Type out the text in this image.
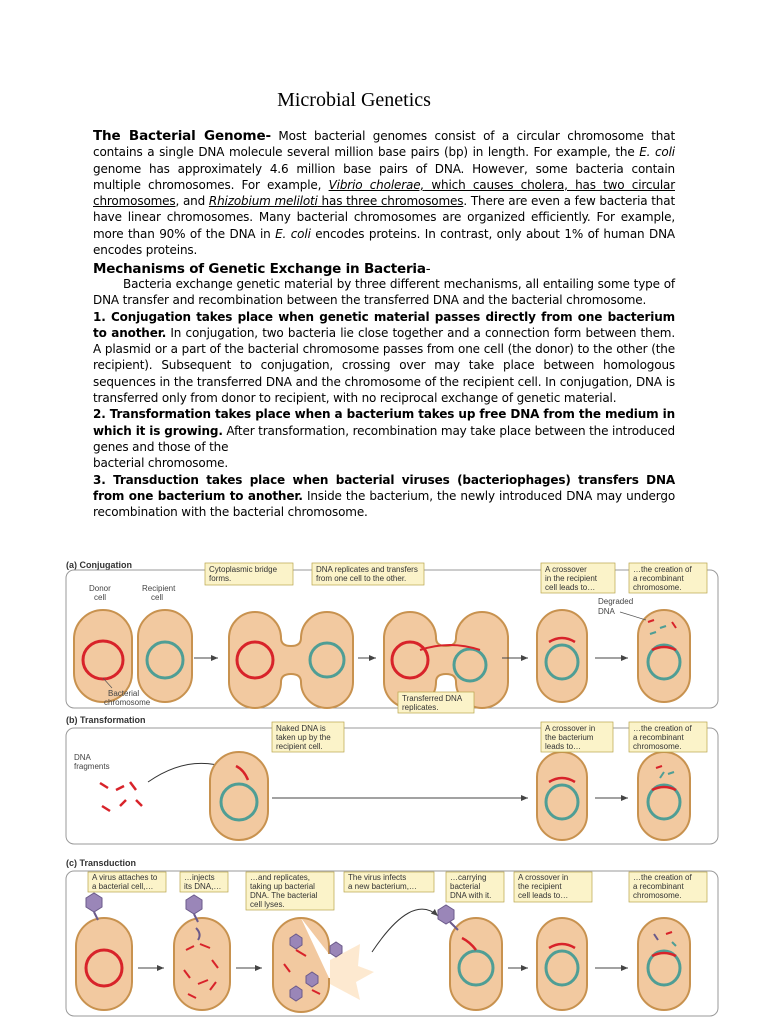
Microbial Genetics

The Bacterial Genome- Most bacterial genomes consist of a circular chromosome that contains a single DNA molecule several million base pairs (bp) in length. For example, the E. coli genome has approximately 4.6 million base pairs of DNA. However, some bacteria contain multiple chromosomes. For example, Vibrio cholerae, which causes cholera, has two circular chromosomes, and Rhizobium meliloti has three chromosomes. There are even a few bacteria that have linear chromosomes. Many bacterial chromosomes are organized efficiently. For example, more than 90% of the DNA in E. coli encodes proteins. In contrast, only about 1% of human DNA encodes proteins.

Mechanisms of Genetic Exchange in Bacteria-

Bacteria exchange genetic material by three different mechanisms, all entailing some type of DNA transfer and recombination between the transferred DNA and the bacterial chromosome.

1. Conjugation takes place when genetic material passes directly from one bacterium to another. In conjugation, two bacteria lie close together and a connection form between them. A plasmid or a part of the bacterial chromosome passes from one cell (the donor) to the other (the recipient). Subsequent to conjugation, crossing over may take place between homologous sequences in the transferred DNA and the chromosome of the recipient cell. In conjugation, DNA is transferred only from donor to recipient, with no reciprocal exchange of genetic material.

2. Transformation takes place when a bacterium takes up free DNA from the medium in which it is growing. After transformation, recombination may take place between the introduced genes and those of the

bacterial chromosome.

3. Transduction takes place when bacterial viruses (bacteriophages) transfers DNA from one bacterium to another. Inside the bacterium, the newly introduced DNA may undergo recombination with the bacterial chromosome.

(a) Conjugation
Donor
cell
Recipient
cell
Bacterial
chromosome
Cytoplasmic bridge
forms.
DNA replicates and transfers
from one cell to the other.
Transferred DNA
replicates.
A crossover
in the recipient
cell leads to…
Degraded
DNA
…the creation of
a recombinant
chromosome.
(b) Transformation
DNA
fragments
Naked DNA is
taken up by the
recipient cell.
A crossover in
the bacterium
leads to…
…the creation of
a recombinant
chromosome.
(c) Transduction
A virus attaches to
a bacterial cell,…
…injects
its DNA,…
…and replicates,
taking up bacterial
DNA. The bacterial
cell lyses.
The virus infects
a new bacterium,…
…carrying
bacterial
DNA with it.
A crossover in
the recipient
cell leads to…
…the creation of
a recombinant
chromosome.
